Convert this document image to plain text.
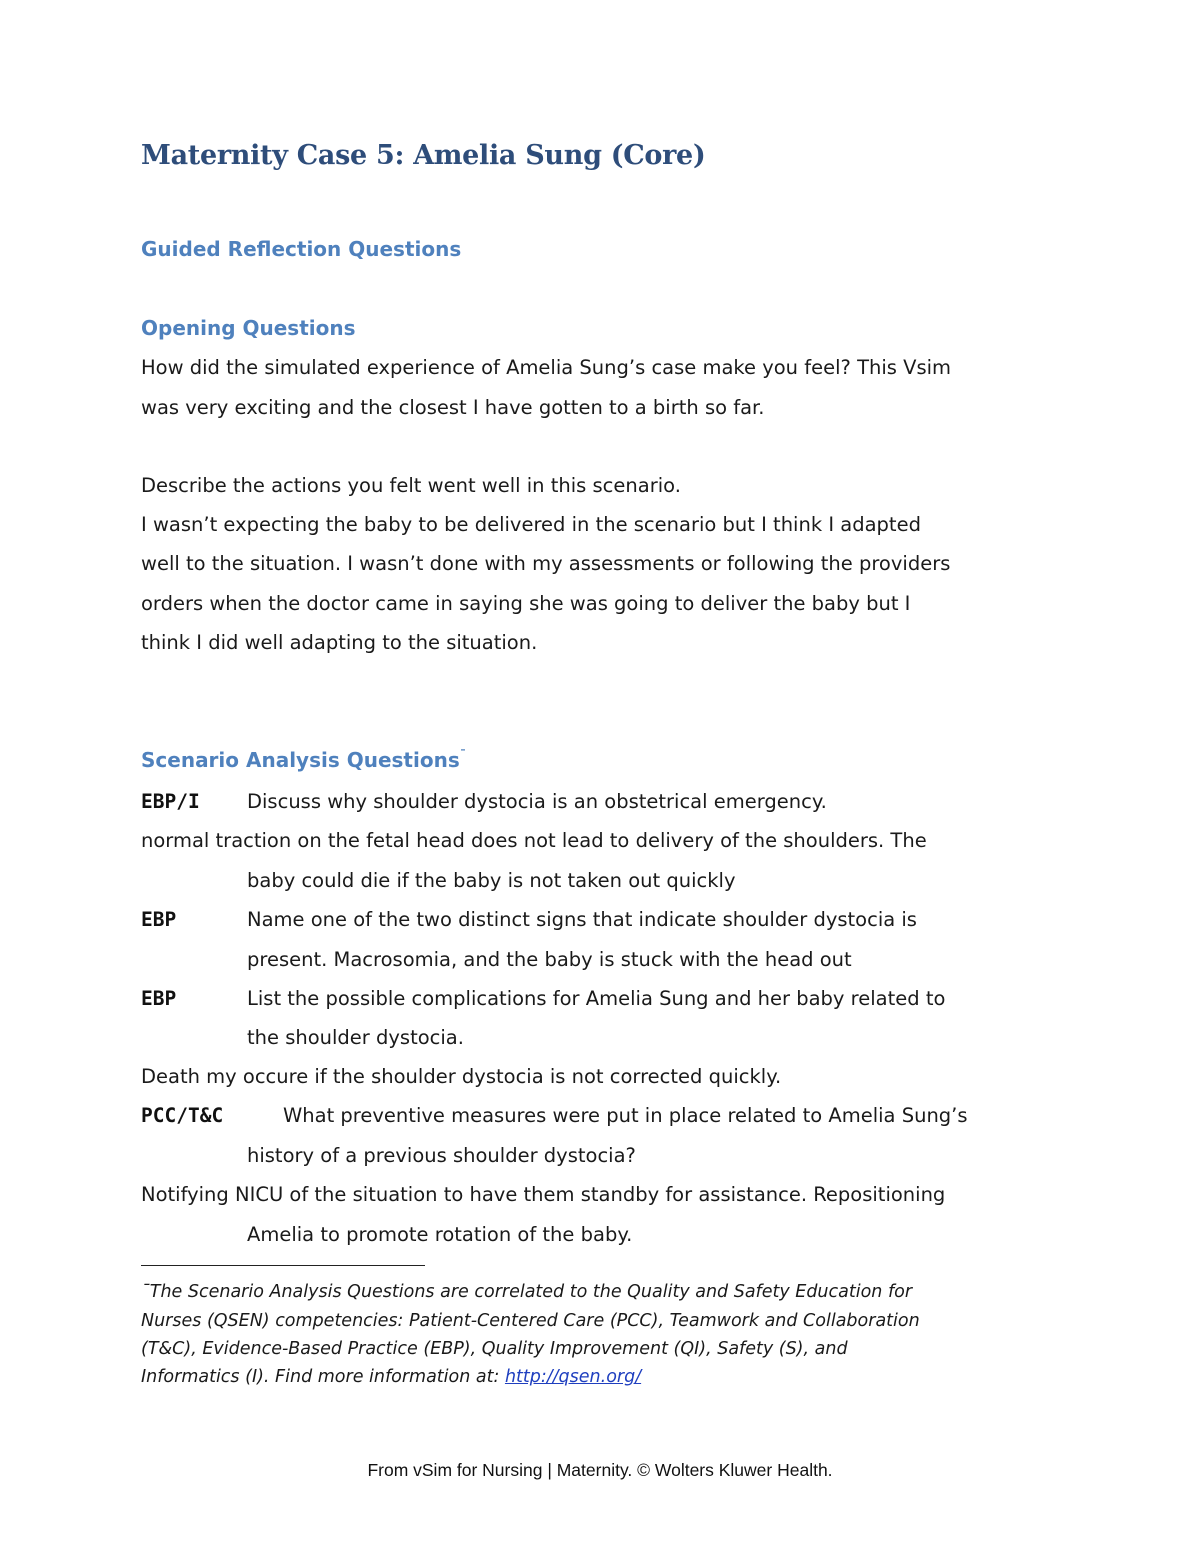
Maternity Case 5: Amelia Sung (Core)
Guided Reflection Questions
Opening Questions
How did the simulated experience of Amelia Sung’s case make you feel? This Vsim
was very exciting and the closest I have gotten to a birth so far.
Describe the actions you felt went well in this scenario.
I wasn’t expecting the baby to be delivered in the scenario but I think I adapted
well to the situation. I wasn’t done with my assessments or following the providers
orders when the doctor came in saying she was going to deliver the baby but I
think I did well adapting to the situation.
Scenario Analysis Questions¯
EBP/I Discuss why shoulder dystocia is an obstetrical emergency.
normal traction on the fetal head does not lead to delivery of the shoulders. The
baby could die if the baby is not taken out quickly
EBP	Name one of the two distinct signs that indicate shoulder dystocia is
present. Macrosomia, and the baby is stuck with the head out
EBP	List the possible complications for Amelia Sung and her baby related to
the shoulder dystocia.
Death my occure if the shoulder dystocia is not corrected quickly.
PCC/T&C	What preventive measures were put in place related to Amelia Sung’s
history of a previous shoulder dystocia?
Notifying NICU of the situation to have them standby for assistance. Repositioning
Amelia to promote rotation of the baby.
¯The Scenario Analysis Questions are correlated to the Quality and Safety Education for
Nurses (QSEN) competencies: Patient-Centered Care (PCC), Teamwork and Collaboration
(T&C), Evidence-Based Practice (EBP), Quality Improvement (QI), Safety (S), and
Informatics (I). Find more information at: http://qsen.org/
From vSim for Nursing | Maternity. © Wolters Kluwer Health.
